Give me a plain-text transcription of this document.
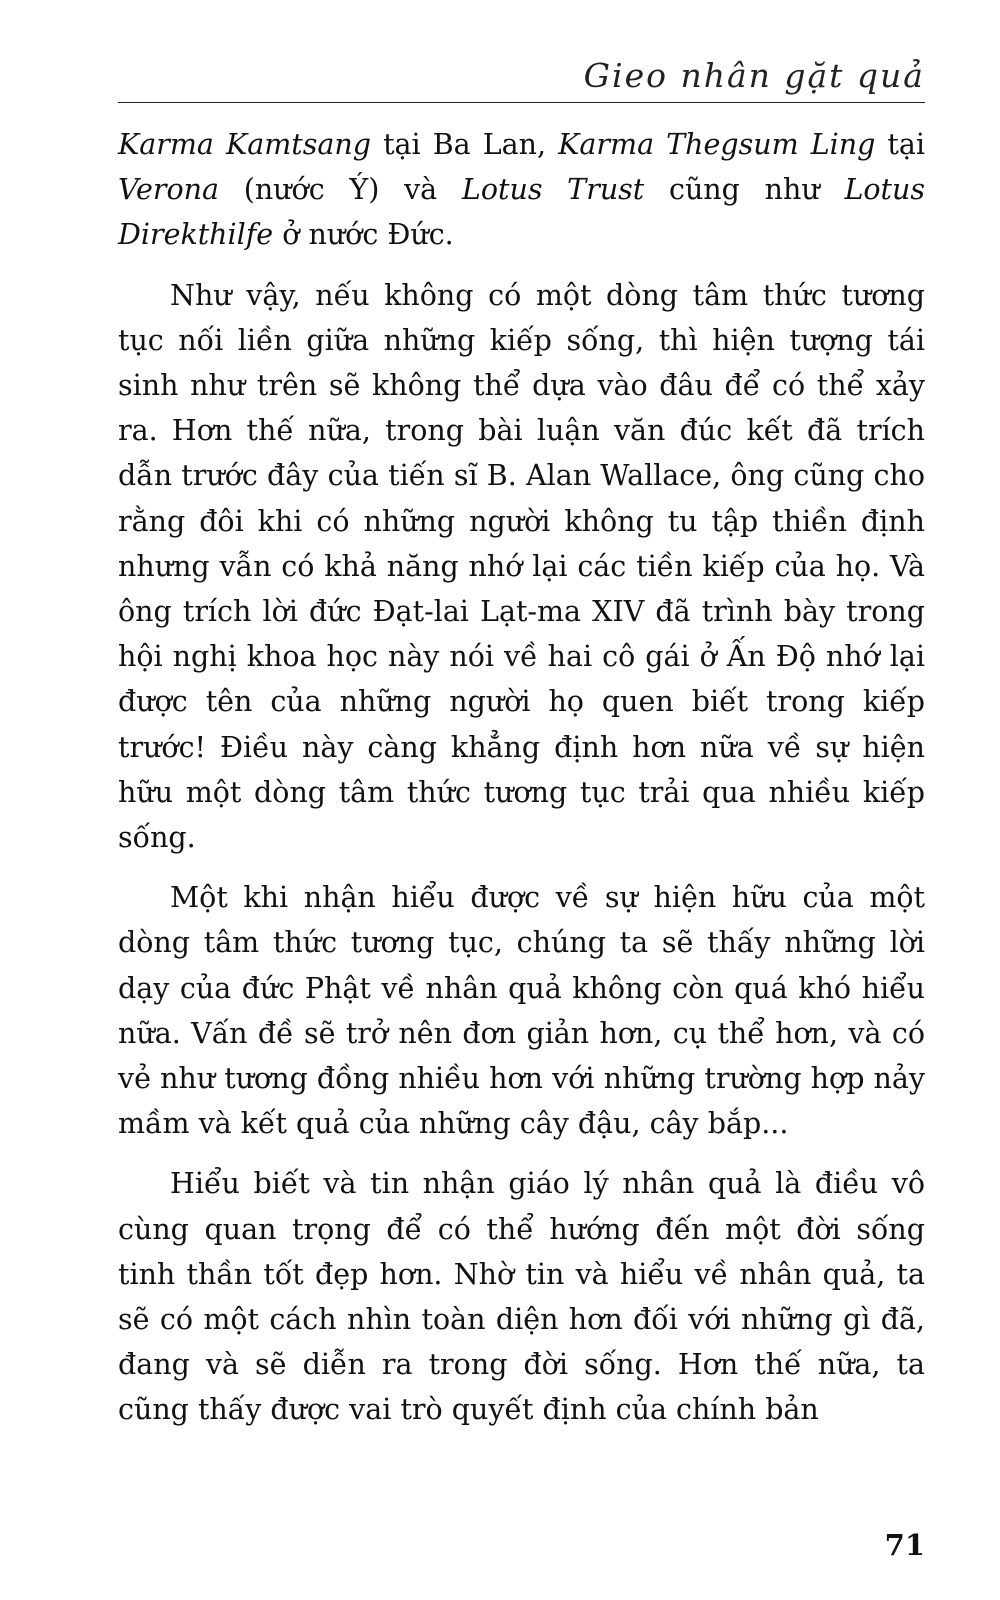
Gieo nhân gặt quả

Karma Kamtsang tại Ba Lan, Karma Thegsum Ling tại Verona (nước Ý) và Lotus Trust cũng như Lotus Direkthilfe ở nước Đức.

Như vậy, nếu không có một dòng tâm thức tương tục nối liền giữa những kiếp sống, thì hiện tượng tái sinh như trên sẽ không thể dựa vào đâu để có thể xảy ra. Hơn thế nữa, trong bài luận văn đúc kết đã trích dẫn trước đây của tiến sĩ B. Alan Wallace, ông cũng cho rằng đôi khi có những người không tu tập thiền định nhưng vẫn có khả năng nhớ lại các tiền kiếp của họ. Và ông trích lời đức Đạt-lai Lạt-ma XIV đã trình bày trong hội nghị khoa học này nói về hai cô gái ở Ấn Độ nhớ lại được tên của những người họ quen biết trong kiếp trước! Điều này càng khẳng định hơn nữa về sự hiện hữu một dòng tâm thức tương tục trải qua nhiều kiếp sống.

Một khi nhận hiểu được về sự hiện hữu của một dòng tâm thức tương tục, chúng ta sẽ thấy những lời dạy của đức Phật về nhân quả không còn quá khó hiểu nữa. Vấn đề sẽ trở nên đơn giản hơn, cụ thể hơn, và có vẻ như tương đồng nhiều hơn với những trường hợp nảy mầm và kết quả của những cây đậu, cây bắp...

Hiểu biết và tin nhận giáo lý nhân quả là điều vô cùng quan trọng để có thể hướng đến một đời sống tinh thần tốt đẹp hơn. Nhờ tin và hiểu về nhân quả, ta sẽ có một cách nhìn toàn diện hơn đối với những gì đã, đang và sẽ diễn ra trong đời sống. Hơn thế nữa, ta cũng thấy được vai trò quyết định của chính bản

71
